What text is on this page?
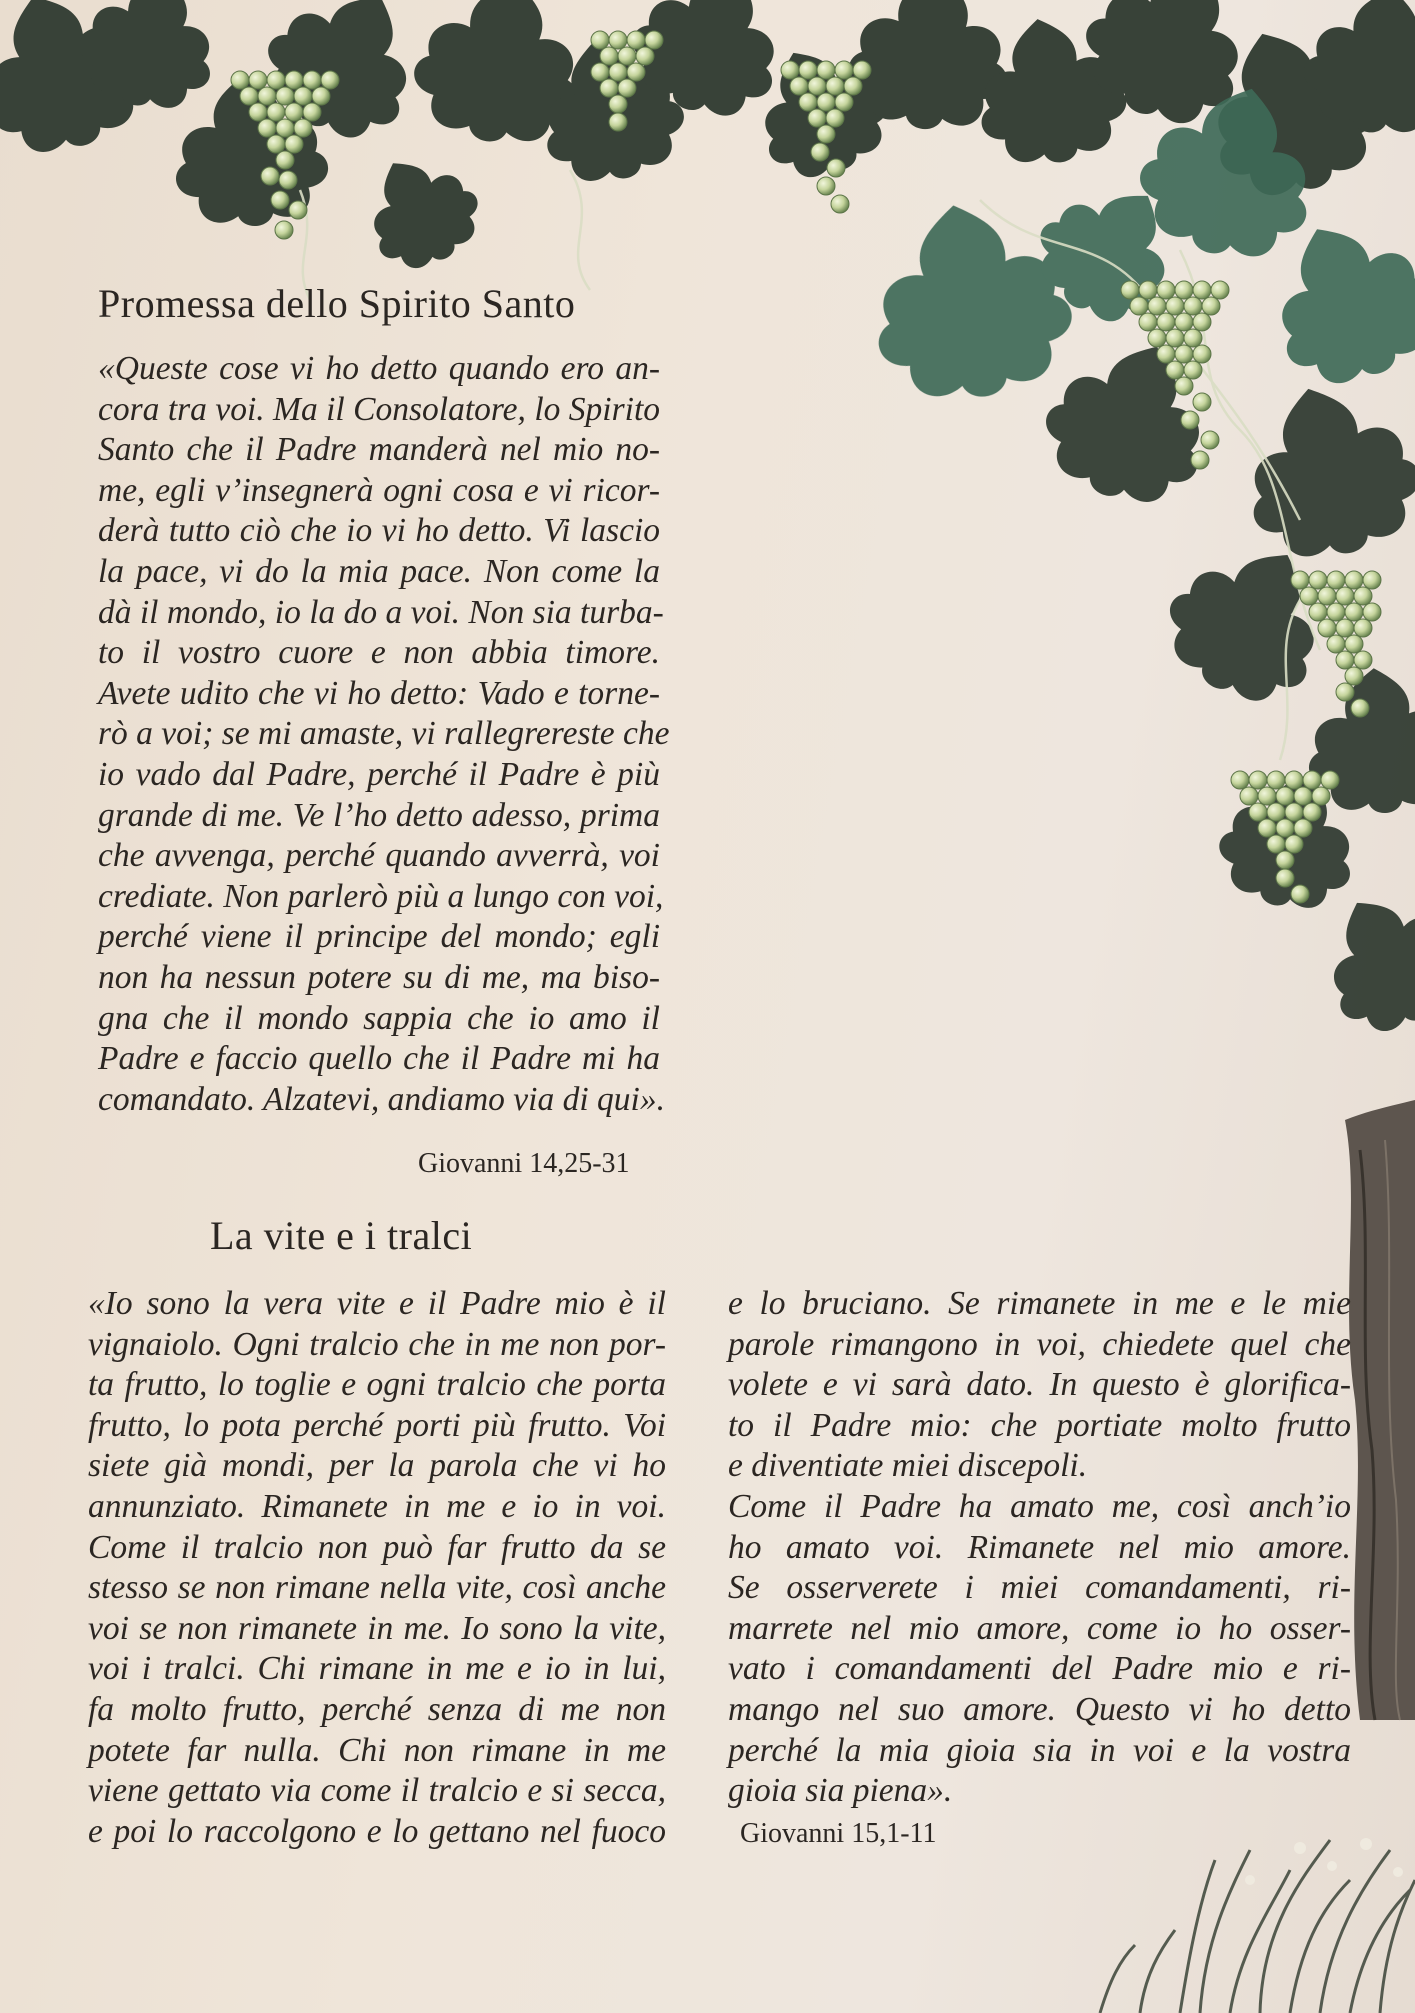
Promessa dello Spirito Santo
«Queste cose vi ho detto quando ero an-
cora tra voi. Ma il Consolatore, lo Spirito
Santo che il Padre manderà nel mio no-
me, egli v’insegnerà ogni cosa e vi ricor-
derà tutto ciò che io vi ho detto. Vi lascio
la pace, vi do la mia pace. Non come la
dà il mondo, io la do a voi. Non sia turba-
to il vostro cuore e non abbia timore.
Avete udito che vi ho detto: Vado e torne-
rò a voi; se mi amaste, vi rallegrereste che
io vado dal Padre, perché il Padre è più
grande di me. Ve l’ho detto adesso, prima
che avvenga, perché quando avverrà, voi
crediate. Non parlerò più a lungo con voi,
perché viene il principe del mondo; egli
non ha nessun potere su di me, ma biso-
gna che il mondo sappia che io amo il
Padre e faccio quello che il Padre mi ha
comandato. Alzatevi, andiamo via di qui».

Giovanni 14,25-31

La vite e i tralci
«Io sono la vera vite e il Padre mio è il
vignaiolo. Ogni tralcio che in me non por-
ta frutto, lo toglie e ogni tralcio che porta
frutto, lo pota perché porti più frutto. Voi
siete già mondi, per la parola che vi ho
annunziato. Rimanete in me e io in voi.
Come il tralcio non può far frutto da se
stesso se non rimane nella vite, così anche
voi se non rimanete in me. Io sono la vite,
voi i tralci. Chi rimane in me e io in lui,
fa molto frutto, perché senza di me non
potete far nulla. Chi non rimane in me
viene gettato via come il tralcio e si secca,
e poi lo raccolgono e lo gettano nel fuoco
e lo bruciano. Se rimanete in me e le mie
parole rimangono in voi, chiedete quel che
volete e vi sarà dato. In questo è glorifica-
to il Padre mio: che portiate molto frutto
e diventiate miei discepoli.
Come il Padre ha amato me, così anch’io
ho amato voi. Rimanete nel mio amore.
Se osserverete i miei comandamenti, ri-
marrete nel mio amore, come io ho osser-
vato i comandamenti del Padre mio e ri-
mango nel suo amore. Questo vi ho detto
perché la mia gioia sia in voi e la vostra
gioia sia piena».

Giovanni 15,1-11
